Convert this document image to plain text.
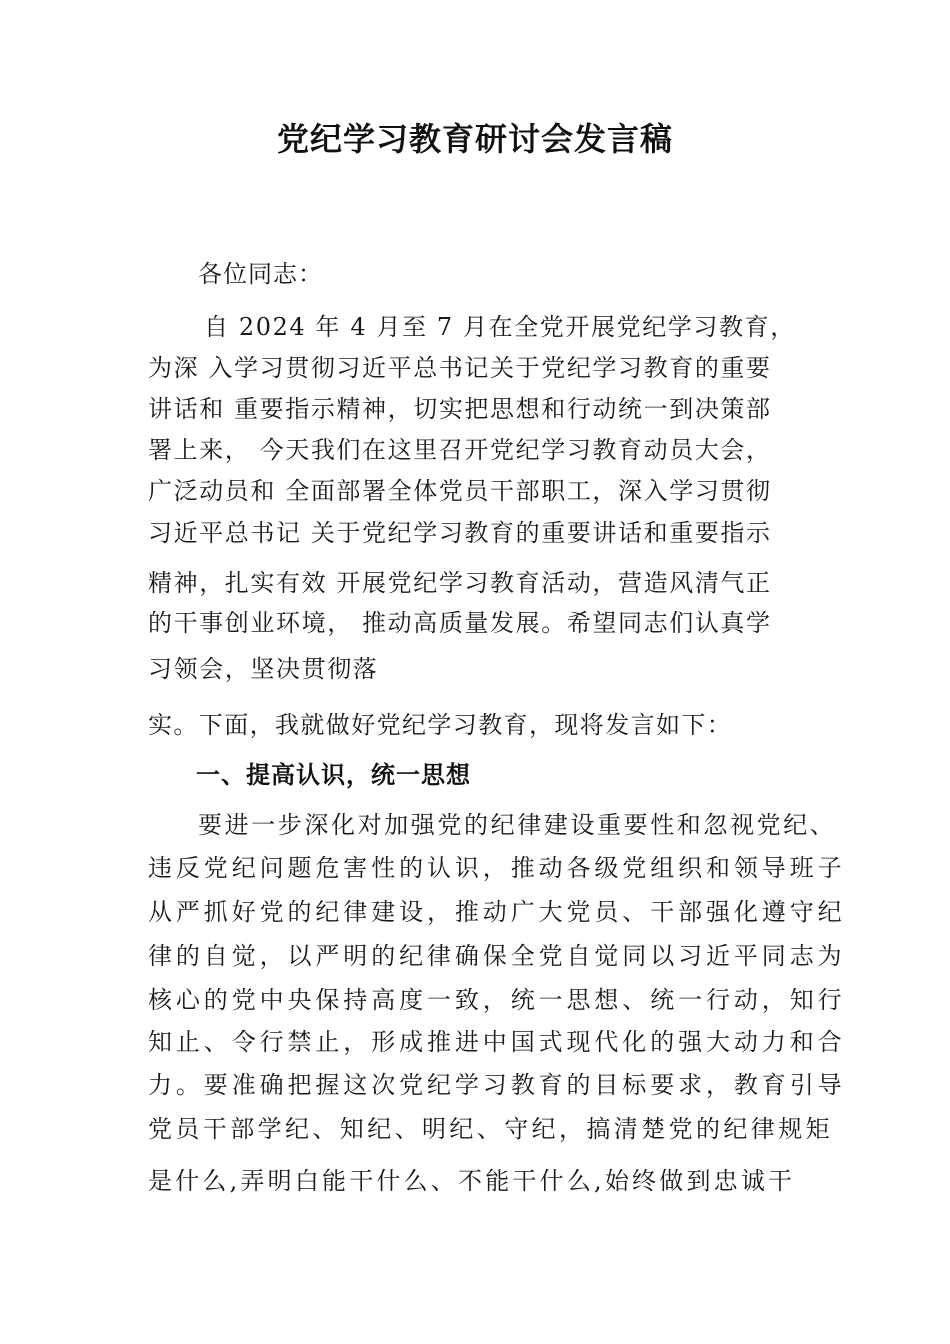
党纪学习教育研讨会发言稿
各位同志：
自 2024 年 4 月至 7 月在全党开展党纪学习教育，
为深 入学习贯彻习近平总书记关于党纪学习教育的重要
讲话和 重要指示精神，切实把思想和行动统一到决策部
署上来， 今天我们在这里召开党纪学习教育动员大会，
广泛动员和 全面部署全体党员干部职工，深入学习贯彻
习近平总书记 关于党纪学习教育的重要讲话和重要指示
精神，扎实有效 开展党纪学习教育活动，营造风清气正
的干事创业环境， 推动高质量发展。希望同志们认真学
习领会，坚决贯彻落
实。下面，我就做好党纪学习教育，现将发言如下：
一、提高认识，统一思想
要进一步深化对加强党的纪律建设重要性和忽视党纪、
违反党纪问题危害性的认识，推动各级党组织和领导班子
从严抓好党的纪律建设，推动广大党员、干部强化遵守纪
律的自觉，以严明的纪律确保全党自觉同以习近平同志为
核心的党中央保持高度一致，统一思想、统一行动，知行
知止、令行禁止，形成推进中国式现代化的强大动力和合
力。要准确把握这次党纪学习教育的目标要求，教育引导
党员干部学纪、知纪、明纪、守纪，搞清楚党的纪律规矩
是什么,弄明白能干什么、不能干什么,始终做到忠诚干
